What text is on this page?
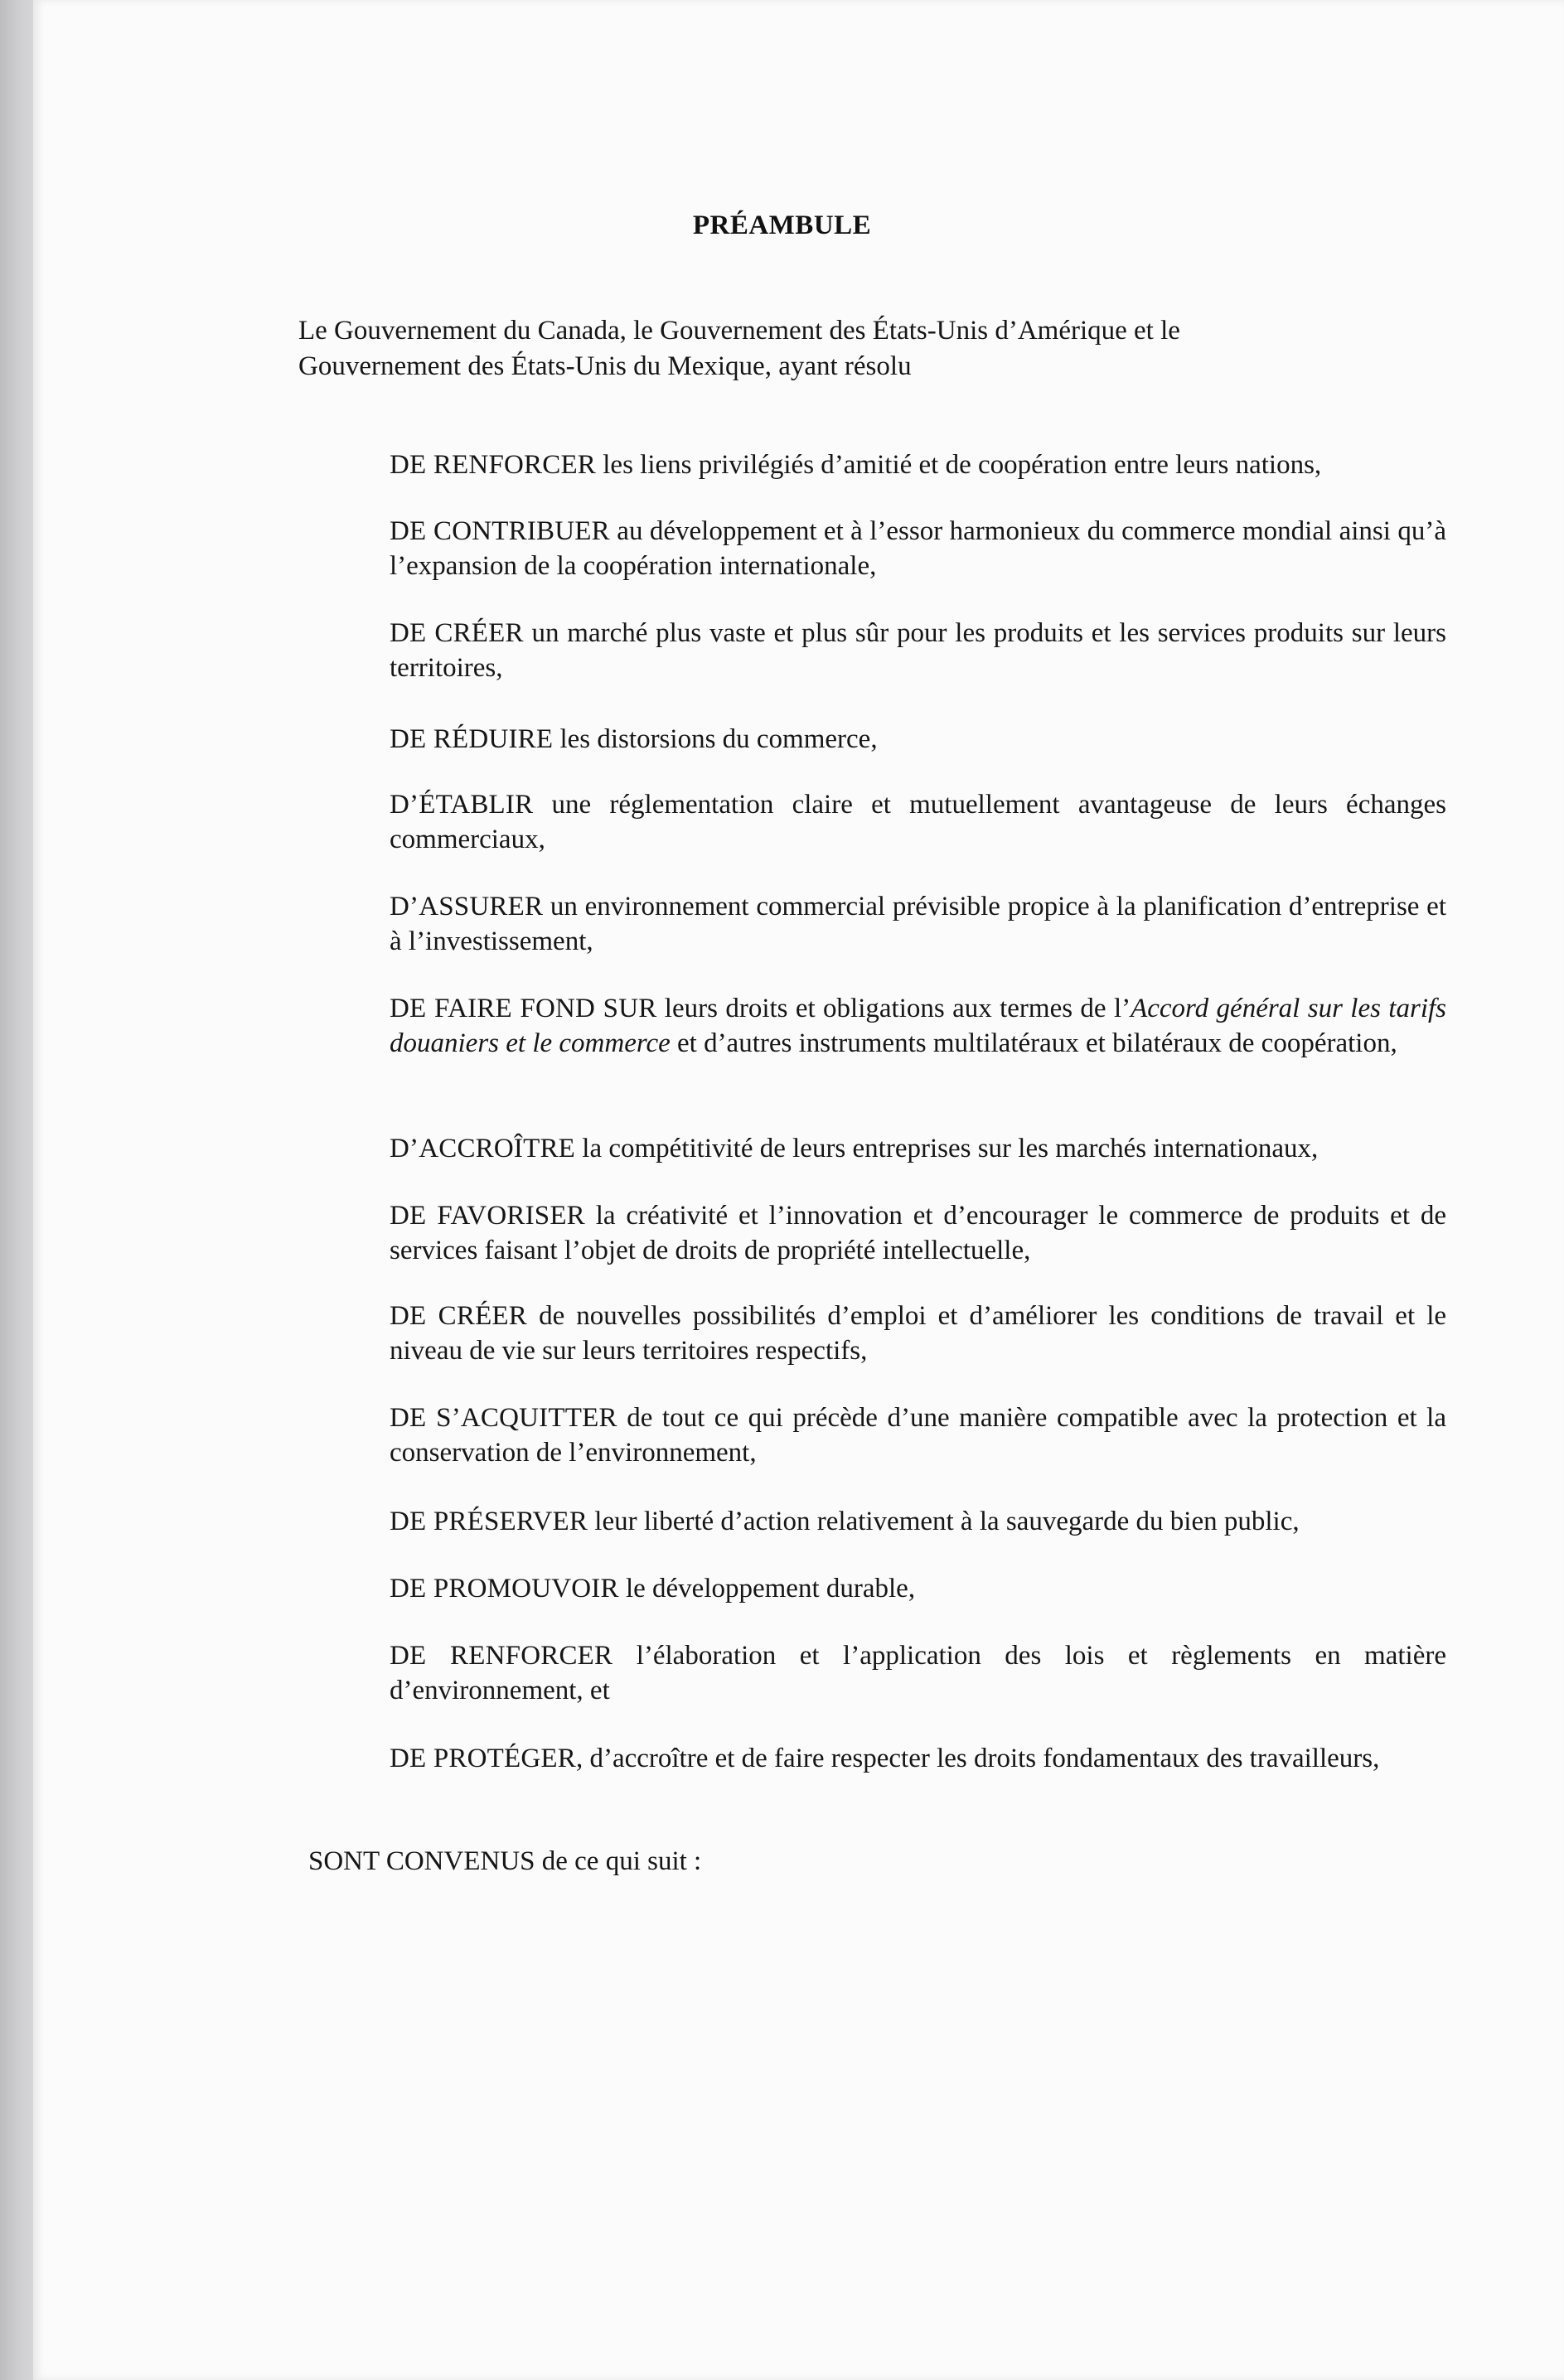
PRÉAMBULE
Le Gouvernement du Canada, le Gouvernement des États-Unis d’Amérique et le
Gouvernement des États-Unis du Mexique, ayant résolu
DE RENFORCER les liens privilégiés d’amitié et de coopération entre leurs nations,
DE CONTRIBUER au développement et à l’essor harmonieux du commerce mondial ainsi qu’à l’expansion de la coopération internationale,
DE CRÉER un marché plus vaste et plus sûr pour les produits et les services produits sur leurs territoires,
DE RÉDUIRE les distorsions du commerce,
D’ÉTABLIR une réglementation claire et mutuellement avantageuse de leurs échanges commerciaux,
D’ASSURER un environnement commercial prévisible propice à la planification d’entreprise et à l’investissement,
DE FAIRE FOND SUR leurs droits et obligations aux termes de l’Accord général sur les tarifs douaniers et le commerce et d’autres instruments multilatéraux et bilatéraux de coopération,
D’ACCROÎTRE la compétitivité de leurs entreprises sur les marchés internationaux,
DE FAVORISER la créativité et l’innovation et d’encourager le commerce de produits et de services faisant l’objet de droits de propriété intellectuelle,
DE CRÉER de nouvelles possibilités d’emploi et d’améliorer les conditions de travail et le niveau de vie sur leurs territoires respectifs,
DE S’ACQUITTER de tout ce qui précède d’une manière compatible avec la protection et la conservation de l’environnement,
DE PRÉSERVER leur liberté d’action relativement à la sauvegarde du bien public,
DE PROMOUVOIR le développement durable,
DE RENFORCER l’élaboration et l’application des lois et règlements en matière d’environnement, et
DE PROTÉGER, d’accroître et de faire respecter les droits fondamentaux des travailleurs,
SONT CONVENUS de ce qui suit :
